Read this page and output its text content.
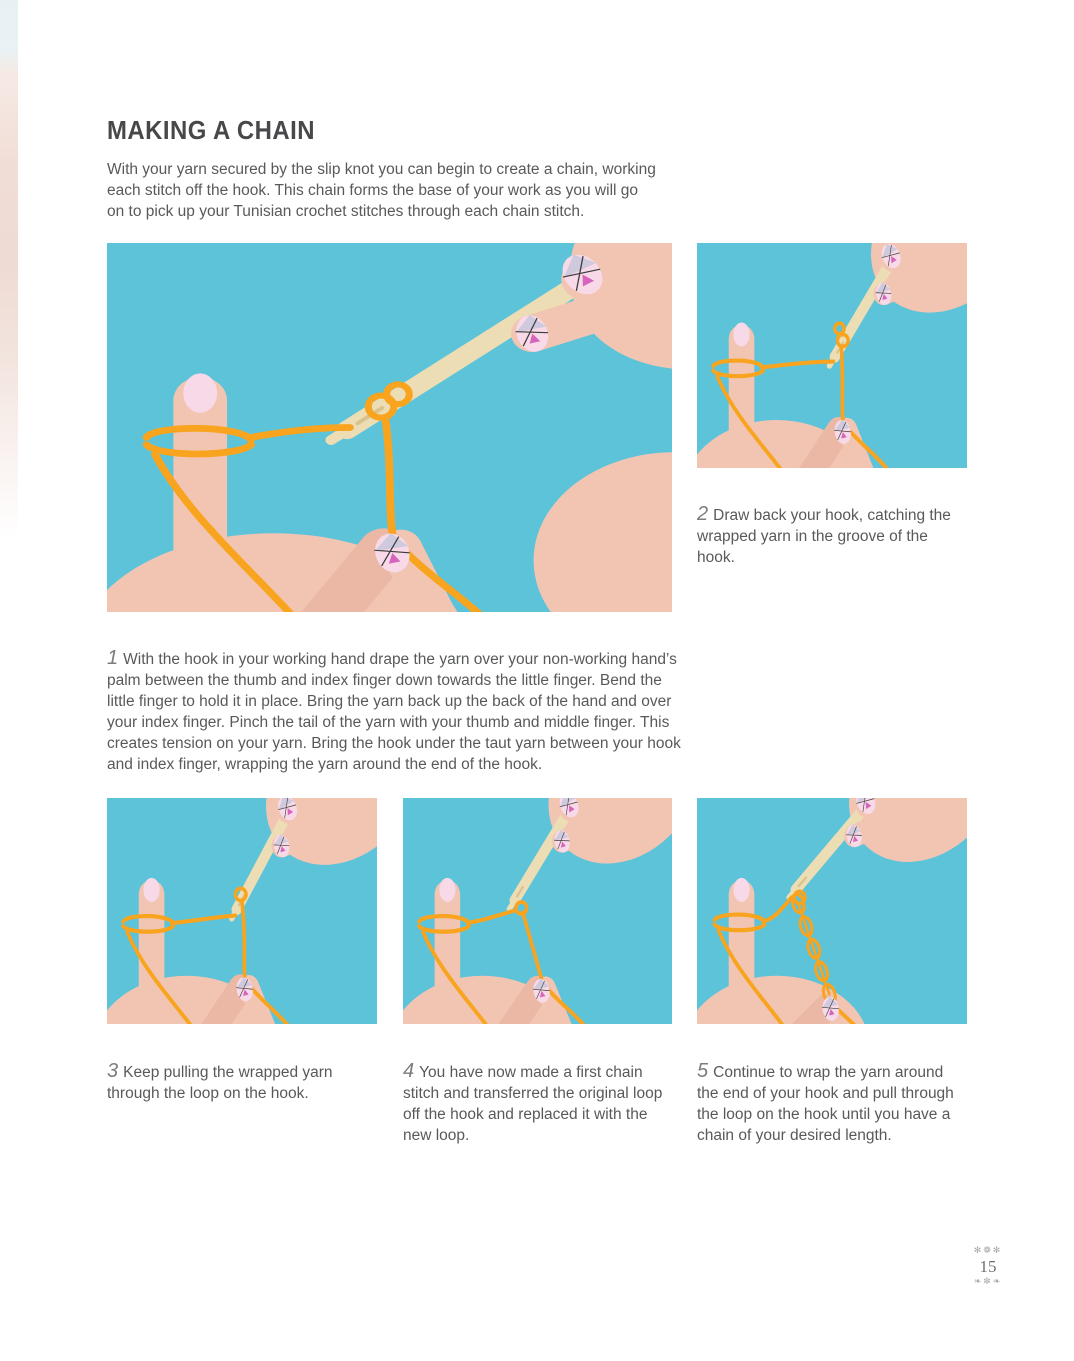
MAKING A CHAIN

With your yarn secured by the slip knot you can begin to create a chain, working each stitch off the hook. This chain forms the base of your work as you will go on to pick up your Tunisian crochet stitches through each chain stitch.

2 Draw back your hook, catching the wrapped yarn in the groove of the hook.

1 With the hook in your working hand drape the yarn over your non-working hand’s palm between the thumb and index finger down towards the little finger. Bend the little finger to hold it in place. Bring the yarn back up the back of the hand and over your index finger. Pinch the tail of the yarn with your thumb and middle finger. This creates tension on your yarn. Bring the hook under the taut yarn between your hook and index finger, wrapping the yarn around the end of the hook.

3 Keep pulling the wrapped yarn through the loop on the hook.

4 You have now made a first chain stitch and transferred the original loop off the hook and replaced it with the new loop.

5 Continue to wrap the yarn around the end of your hook and pull through the loop on the hook until you have a chain of your desired length.

✻❁✻
15
❧✼❧
